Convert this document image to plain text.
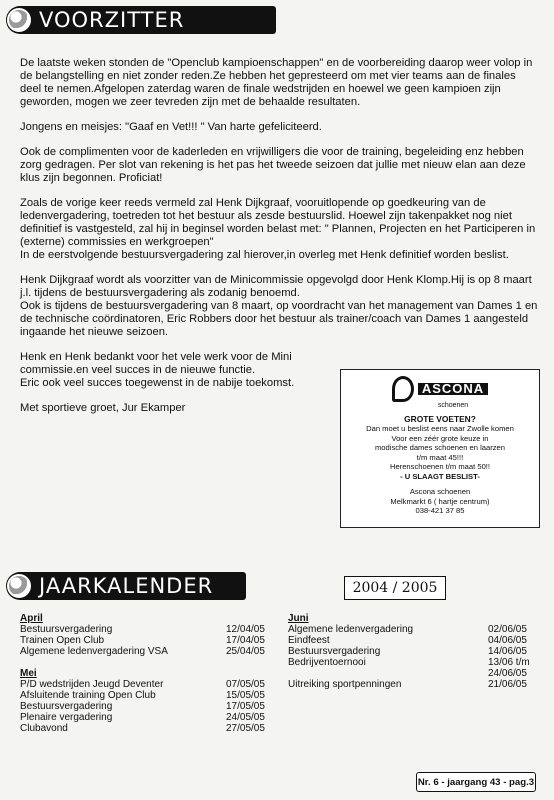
VOORZITTER

De laatste weken stonden de "Openclub kampioenschappen" en de voorbereiding daarop weer volop in de belangstelling en niet zonder reden.Ze hebben het gepresteerd om met vier teams aan de finales deel te nemen.Afgelopen zaterdag waren de finale wedstrijden en hoewel we geen kampioen zijn geworden, mogen we zeer tevreden zijn met de behaalde resultaten.

Jongens en meisjes: "Gaaf en Vet!!! " Van harte gefeliciteerd.

Ook de complimenten voor de kaderleden en vrijwilligers die voor de training, begeleiding enz hebben zorg gedragen. Per slot van rekening is het pas het tweede seizoen dat jullie met nieuw elan aan deze klus zijn begonnen. Proficiat!

Zoals de vorige keer reeds vermeld zal Henk Dijkgraaf, vooruitlopende op goedkeuring van de ledenvergadering, toetreden tot het bestuur als zesde bestuurslid. Hoewel zijn takenpakket nog niet definitief is vastgesteld, zal hij in beginsel worden belast met: " Plannen, Projecten en het Participeren in (externe) commissies en werkgroepen"
In de eerstvolgende bestuursvergadering zal hierover,in overleg met Henk definitief worden beslist.

Henk Dijkgraaf wordt als voorzitter van de Minicommissie opgevolgd door Henk Klomp.Hij is op 8 maart j.l. tijdens de bestuursvergadering als zodanig benoemd.
Ook is tijdens de bestuursvergadering van 8 maart, op voordracht van het management van Dames 1 en de technische coördinatoren, Eric Robbers door het bestuur als trainer/coach van Dames 1 aangesteld ingaande het nieuwe seizoen.

Henk en Henk bedankt voor het vele werk voor de Mini commissie.en veel succes in de nieuwe functie.
Eric ook veel succes toegewenst in de nabije toekomst.

Met sportieve groet, Jur Ekamper

ASCONA
schoenen
GROTE VOETEN?
Dan moet u beslist eens naar Zwolle komen
Voor een zéér grote keuze in
modische dames schoenen en laarzen
t/m maat 45!!!
Herenschoenen t/m maat 50!!
- U SLAAGT BESLIST-
Ascona schoenen
Melkmarkt 6 ( hartje centrum)
038-421 37 85
JAARKALENDER	2004 / 2005
April
Bestuursvergadering	12/04/05
Trainen Open Club	17/04/05
Algemene ledenvergadering VSA	25/04/05
Mei
P/D wedstrijden Jeugd Deventer	07/05/05
Afsluitende training Open Club	15/05/05
Bestuursvergadering	17/05/05
Plenaire vergadering	24/05/05
Clubavond	27/05/05
Juni
Algemene ledenvergadering	02/06/05
Eindfeest	04/06/05
Bestuursvergadering	14/06/05
Bedrijventoernooi	13/06 t/m
24/06/05
Uitreiking sportpenningen	21/06/05
Nr. 6 - jaargang 43 - pag.3
